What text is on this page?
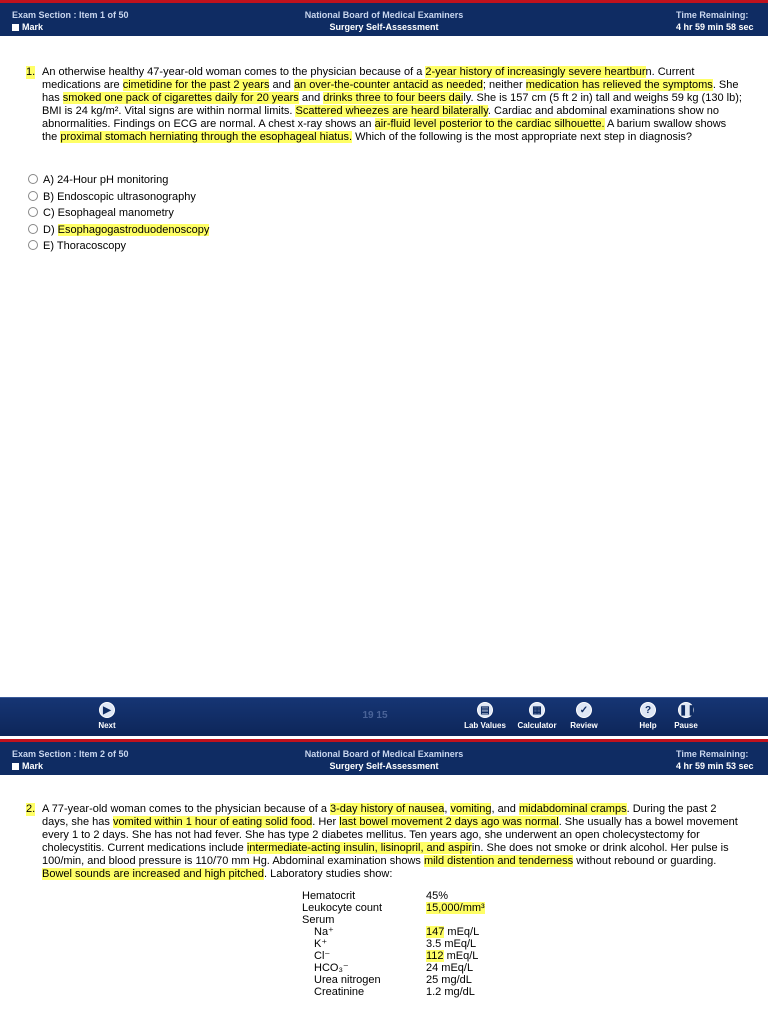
Exam Section : Item 1 of 50
Mark
National Board of Medical Examiners
Surgery Self-Assessment
Time Remaining:
4 hr 59 min 58 sec
1. An otherwise healthy 47-year-old woman comes to the physician because of a 2-year history of increasingly severe heartburn. Current medications are cimetidine for the past 2 years and an over-the-counter antacid as needed; neither medication has relieved the symptoms. She has smoked one pack of cigarettes daily for 20 years and drinks three to four beers daily. She is 157 cm (5 ft 2 in) tall and weighs 59 kg (130 lb); BMI is 24 kg/m². Vital signs are within normal limits. Scattered wheezes are heard bilaterally. Cardiac and abdominal examinations show no abnormalities. Findings on ECG are normal. A chest x-ray shows an air-fluid level posterior to the cardiac silhouette. A barium swallow shows the proximal stomach herniating through the esophageal hiatus. Which of the following is the most appropriate next step in diagnosis?
A) 24-Hour pH monitoring
B) Endoscopic ultrasonography
C) Esophageal manometry
D) Esophagogastroduodenoscopy
E) Thoracoscopy
▶
Next
19 15	▤
Lab Values
▦
Calculator
✓
Review
?
Help
❚❚
Pause
Exam Section : Item 2 of 50
Mark
National Board of Medical Examiners
Surgery Self-Assessment
Time Remaining:
4 hr 59 min 53 sec
2. A 77-year-old woman comes to the physician because of a 3-day history of nausea, vomiting, and midabdominal cramps. During the past 2 days, she has vomited within 1 hour of eating solid food. Her last bowel movement 2 days ago was normal. She usually has a bowel movement every 1 to 2 days. She has not had fever. She has type 2 diabetes mellitus. Ten years ago, she underwent an open cholecystectomy for cholecystitis. Current medications include intermediate-acting insulin, lisinopril, and aspirin. She does not smoke or drink alcohol. Her pulse is 100/min, and blood pressure is 110/70 mm Hg. Abdominal examination shows mild distention and tenderness without rebound or guarding. Bowel sounds are increased and high pitched. Laboratory studies show:
Hematocrit	45%
Leukocyte count	15,000/mm³
Serum	
Na⁺	147 mEq/L
K⁺	3.5 mEq/L
Cl⁻	112 mEq/L
HCO₃⁻	24 mEq/L
Urea nitrogen	25 mg/dL
Creatinine	1.2 mg/dL
